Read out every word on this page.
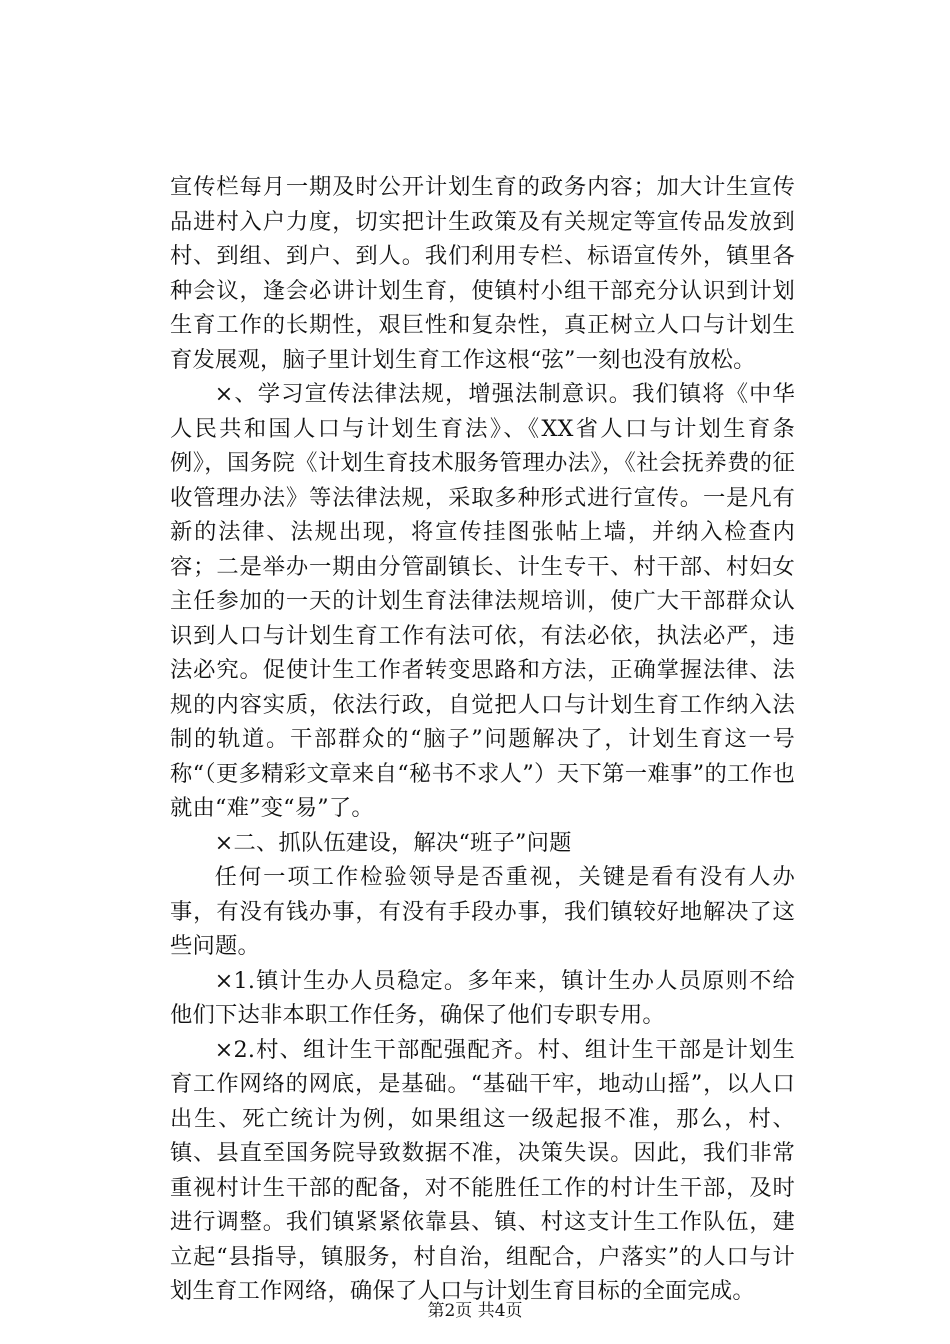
宣传栏每月一期及时公开计划生育的政务内容；加大计生宣传品进村入户力度，切实把计生政策及有关规定等宣传品发放到村、到组、到户、到人。我们利用专栏、标语宣传外，镇里各种会议，逢会必讲计划生育，使镇村小组干部充分认识到计划生育工作的长期性，艰巨性和复杂性，真正树立人口与计划生育发展观，脑子里计划生育工作这根“弦”一刻也没有放松。

×、学习宣传法律法规，增强法制意识。我们镇将《中华人民共和国人口与计划生育法》、《XX省人口与计划生育条例》，国务院《计划生育技术服务管理办法》，《社会抚养费的征收管理办法》等法律法规，采取多种形式进行宣传。一是凡有新的法律、法规出现，将宣传挂图张帖上墙，并纳入检查内容；二是举办一期由分管副镇长、计生专干、村干部、村妇女主任参加的一天的计划生育法律法规培训，使广大干部群众认识到人口与计划生育工作有法可依，有法必依，执法必严，违法必究。促使计生工作者转变思路和方法，正确掌握法律、法规的内容实质，依法行政，自觉把人口与计划生育工作纳入法制的轨道。干部群众的“脑子”问题解决了，计划生育这一号称“（更多精彩文章来自“秘书不求人”）天下第一难事”的工作也就由“难”变“易”了。

×二、抓队伍建设，解决“班子”问题

任何一项工作检验领导是否重视，关键是看有没有人办事，有没有钱办事，有没有手段办事，我们镇较好地解决了这些问题。

×1.镇计生办人员稳定。多年来，镇计生办人员原则不给他们下达非本职工作任务，确保了他们专职专用。

×2.村、组计生干部配强配齐。村、组计生干部是计划生育工作网络的网底，是基础。“基础干牢，地动山摇”，以人口出生、死亡统计为例，如果组这一级起报不准，那么，村、镇、县直至国务院导致数据不准，决策失误。因此，我们非常重视村计生干部的配备，对不能胜任工作的村计生干部，及时进行调整。我们镇紧紧依靠县、镇、村这支计生工作队伍，建立起“县指导，镇服务，村自治，组配合，户落实”的人口与计划生育工作网络，确保了人口与计划生育目标的全面完成。

第2页 共4页
